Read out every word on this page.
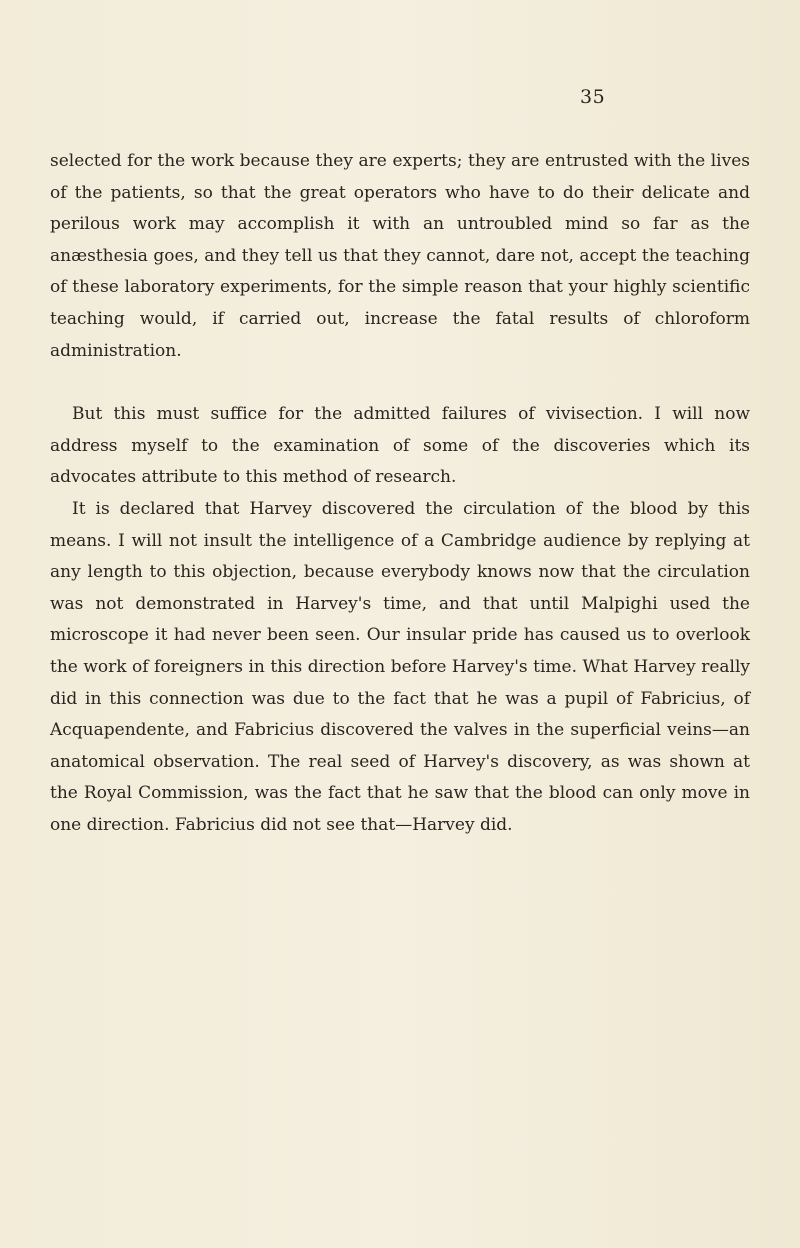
35

selected for the work because they are experts; they are entrusted with the lives of the patients, so that the great operators who have to do their delicate and perilous work may accomplish it with an untroubled mind so far as the anæsthesia goes, and they tell us that they cannot, dare not, accept the teaching of these laboratory experiments, for the simple reason that your highly scientific teaching would, if carried out, increase the fatal results of chloroform administration.

But this must suffice for the admitted failures of vivisection. I will now address myself to the examination of some of the discoveries which its advocates attribute to this method of research.

It is declared that Harvey discovered the circulation of the blood by this means. I will not insult the intelligence of a Cambridge audience by replying at any length to this objection, because everybody knows now that the circulation was not demonstrated in Harvey's time, and that until Malpighi used the microscope it had never been seen. Our insular pride has caused us to overlook the work of foreigners in this direction before Harvey's time. What Harvey really did in this connection was due to the fact that he was a pupil of Fabricius, of Acquapendente, and Fabricius discovered the valves in the superficial veins—an anatomical observation. The real seed of Harvey's discovery, as was shown at the Royal Commission, was the fact that he saw that the blood can only move in one direction. Fabricius did not see that—Harvey did.
